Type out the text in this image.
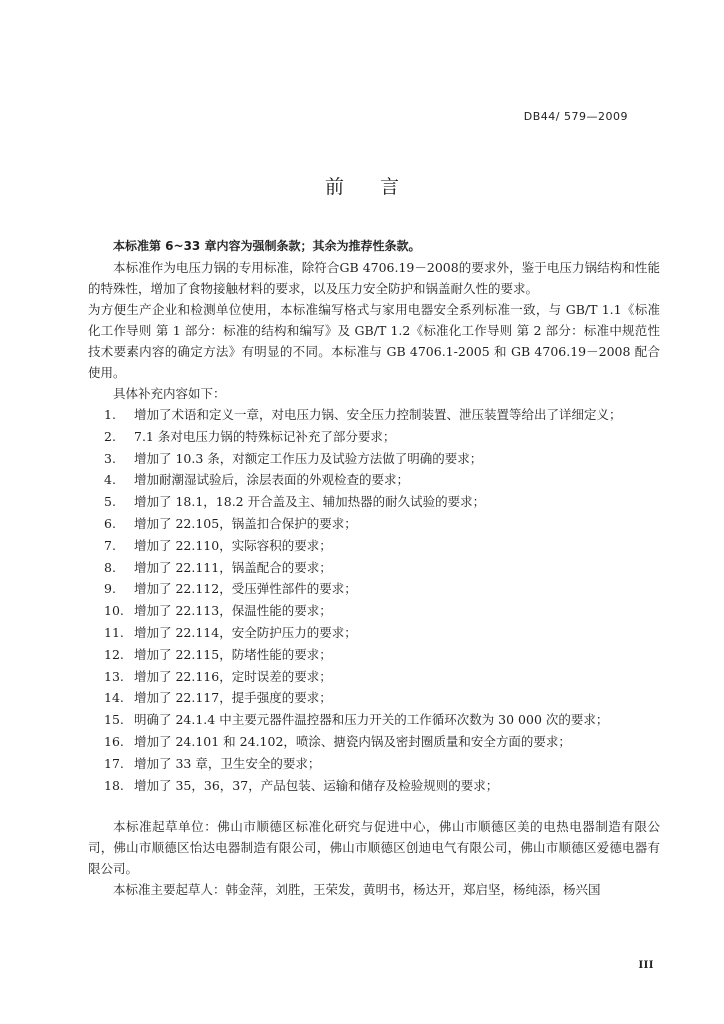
DB44/ 579—2009
前言

本标准第 6~33 章内容为强制条款；其余为推荐性条款。

本标准作为电压力锅的专用标准，除符合GB 4706.19－2008的要求外，鉴于电压力锅结构和性能的特殊性，增加了食物接触材料的要求，以及压力安全防护和锅盖耐久性的要求。

为方便生产企业和检测单位使用，本标准编写格式与家用电器安全系列标准一致，与 GB/T 1.1《标准化工作导则 第 1 部分：标准的结构和编写》及 GB/T 1.2《标准化工作导则 第 2 部分：标准中规范性技术要素内容的确定方法》有明显的不同。本标准与 GB 4706.1-2005 和 GB 4706.19－2008 配合使用。

具体补充内容如下：

1.	增加了术语和定义一章，对电压力锅、安全压力控制装置、泄压装置等给出了详细定义；
2.	7.1 条对电压力锅的特殊标记补充了部分要求；
3.	增加了 10.3 条，对额定工作压力及试验方法做了明确的要求；
4.	增加耐潮湿试验后，涂层表面的外观检查的要求；
5.	增加了 18.1，18.2 开合盖及主、辅加热器的耐久试验的要求；
6.	增加了 22.105，锅盖扣合保护的要求；
7.	增加了 22.110，实际容积的要求；
8.	增加了 22.111，锅盖配合的要求；
9.	增加了 22.112，受压弹性部件的要求；
10. 增加了 22.113，保温性能的要求；
11. 增加了 22.114，安全防护压力的要求；
12. 增加了 22.115，防堵性能的要求；
13. 增加了 22.116，定时误差的要求；
14. 增加了 22.117，提手强度的要求；
15. 明确了 24.1.4 中主要元器件温控器和压力开关的工作循环次数为 30 000 次的要求；
16. 增加了 24.101 和 24.102，喷涂、搪瓷内锅及密封圈质量和安全方面的要求；
17. 增加了 33 章，卫生安全的要求；
18. 增加了 35，36，37，产品包装、运输和储存及检验规则的要求；

本标准起草单位：佛山市顺德区标准化研究与促进中心，佛山市顺德区美的电热电器制造有限公司，佛山市顺德区怡达电器制造有限公司，佛山市顺德区创迪电气有限公司，佛山市顺德区爱德电器有限公司。

本标准主要起草人：韩金萍，刘胜，王荣发，黄明书，杨达开，郑启坚，杨纯添，杨兴国

III
